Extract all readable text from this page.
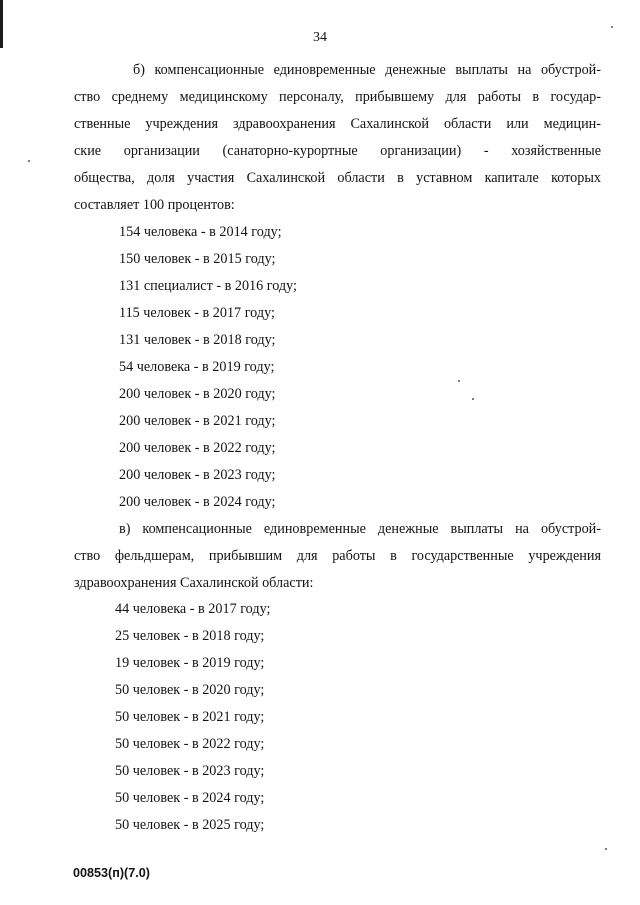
34
б) компенсационные единовременные денежные выплаты на обустрой-
ство среднему медицинскому персоналу, прибывшему для работы в государ-
ственные учреждения здравоохранения Сахалинской области или медицин-
ские организации (санаторно-курортные организации) - хозяйственные
общества, доля участия Сахалинской области в уставном капитале которых
составляет 100 процентов:
154 человека - в 2014 году;
150 человек - в 2015 году;
131 специалист - в 2016 году;
115 человек - в 2017 году;
131 человек - в 2018 году;
54 человека - в 2019 году;
200 человек - в 2020 году;
200 человек - в 2021 году;
200 человек - в 2022 году;
200 человек - в 2023 году;
200 человек - в 2024 году;
в) компенсационные единовременные денежные выплаты на обустрой-
ство фельдшерам, прибывшим для работы в государственные учреждения
здравоохранения Сахалинской области:
44 человека - в 2017 году;
25 человек - в 2018 году;
19 человек - в 2019 году;
50 человек - в 2020 году;
50 человек - в 2021 году;
50 человек - в 2022 году;
50 человек - в 2023 году;
50 человек - в 2024 году;
50 человек - в 2025 году;
00853(п)(7.0)
